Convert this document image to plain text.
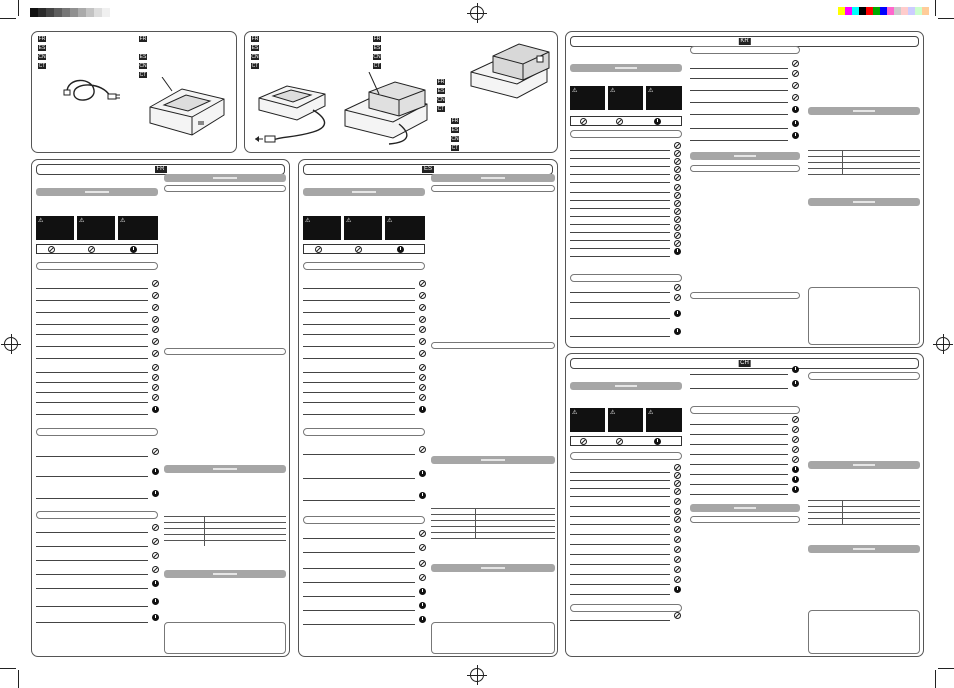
FR
ES
CN
CT
FR
ES
CN
CT
FR
ES
CN
CT
FR
ES
CN
CT
FR
ES
CN
CT
FR
ES
CN
CT
KR
⚠	⚠	⚠
FR
⚠	⚠	⚠
ES
⚠	⚠	⚠
CH
⚠	⚠	⚠
